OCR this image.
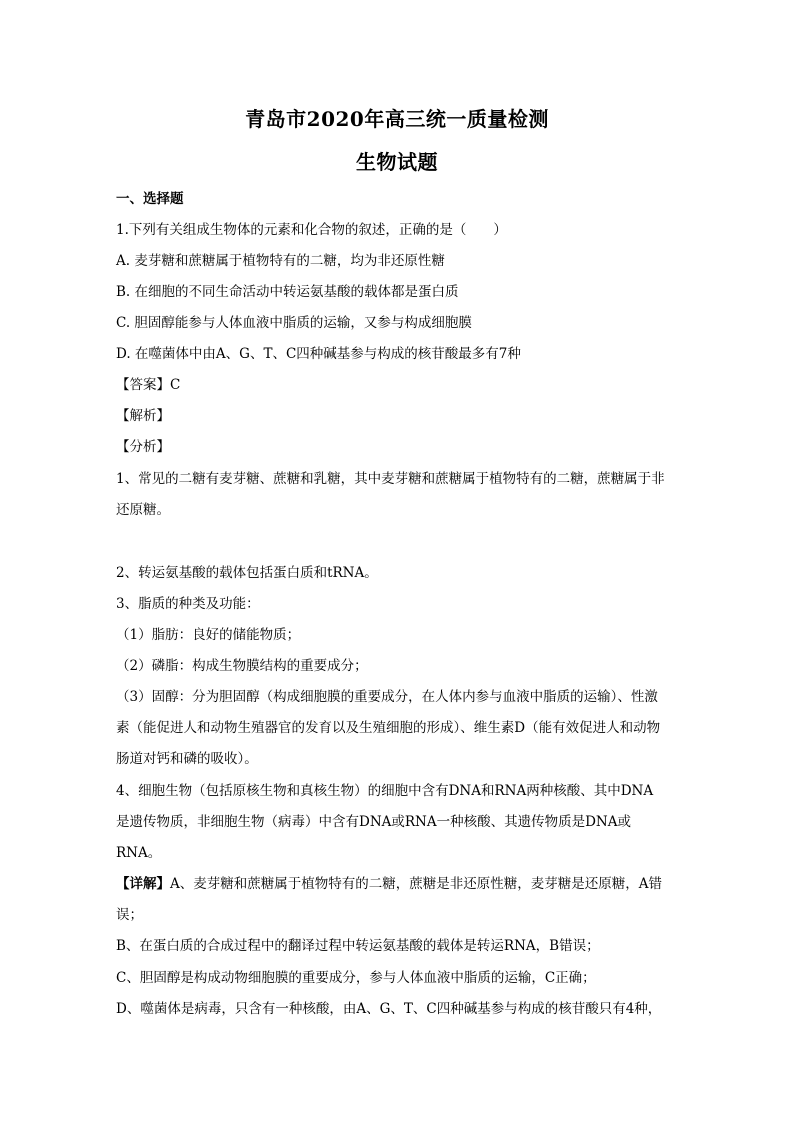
青岛市2020年高三统一质量检测
生物试题
一、选择题
1.下列有关组成生物体的元素和化合物的叙述，正确的是（　　）
A. 麦芽糖和蔗糖属于植物特有的二糖，均为非还原性糖
B. 在细胞的不同生命活动中转运氨基酸的载体都是蛋白质
C. 胆固醇能参与人体血液中脂质的运输，又参与构成细胞膜
D. 在噬菌体中由A、G、T、C四种碱基参与构成的核苷酸最多有7种
【答案】C
【解析】
【分析】
1、常见的二糖有麦芽糖、蔗糖和乳糖，其中麦芽糖和蔗糖属于植物特有的二糖，蔗糖属于非
还原糖。
2、转运氨基酸的载体包括蛋白质和tRNA。
3、脂质的种类及功能：
（1）脂肪：良好的储能物质；
（2）磷脂：构成生物膜结构的重要成分；
（3）固醇：分为胆固醇（构成细胞膜的重要成分，在人体内参与血液中脂质的运输）、性激
素（能促进人和动物生殖器官的发育以及生殖细胞的形成）、维生素D（能有效促进人和动物
肠道对钙和磷的吸收）。
4、细胞生物（包括原核生物和真核生物）的细胞中含有DNA和RNA两种核酸、其中DNA
是遗传物质，非细胞生物（病毒）中含有DNA或RNA一种核酸、其遗传物质是DNA或
RNA。
【详解】A、麦芽糖和蔗糖属于植物特有的二糖，蔗糖是非还原性糖，麦芽糖是还原糖，A错
误；
B、在蛋白质的合成过程中的翻译过程中转运氨基酸的载体是转运RNA，B错误；
C、胆固醇是构成动物细胞膜的重要成分，参与人体血液中脂质的运输，C正确；
D、噬菌体是病毒，只含有一种核酸，由A、G、T、C四种碱基参与构成的核苷酸只有4种，
